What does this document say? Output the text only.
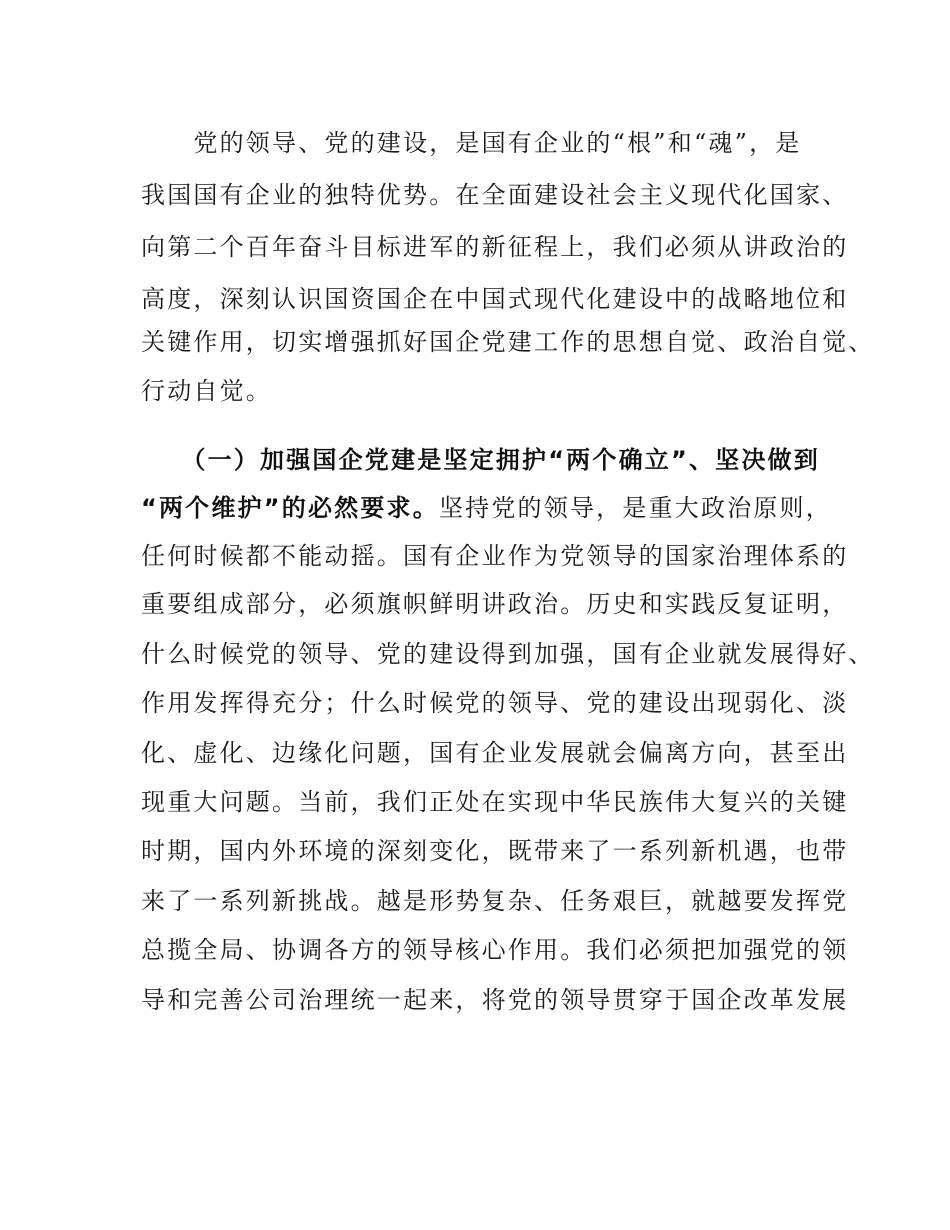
　　党的领导、党的建设，是国有企业的“根”和“魂”，是
我国国有企业的独特优势。在全面建设社会主义现代化国家、
向第二个百年奋斗目标进军的新征程上，我们必须从讲政治的
高度，深刻认识国资国企在中国式现代化建设中的战略地位和
关键作用，切实增强抓好国企党建工作的思想自觉、政治自觉、
行动自觉。
　　（一）加强国企党建是坚定拥护“两个确立”、坚决做到
“两个维护”的必然要求。坚持党的领导，是重大政治原则，
任何时候都不能动摇。国有企业作为党领导的国家治理体系的
重要组成部分，必须旗帜鲜明讲政治。历史和实践反复证明，
什么时候党的领导、党的建设得到加强，国有企业就发展得好、
作用发挥得充分；什么时候党的领导、党的建设出现弱化、淡
化、虚化、边缘化问题，国有企业发展就会偏离方向，甚至出
现重大问题。当前，我们正处在实现中华民族伟大复兴的关键
时期，国内外环境的深刻变化，既带来了一系列新机遇，也带
来了一系列新挑战。越是形势复杂、任务艰巨，就越要发挥党
总揽全局、协调各方的领导核心作用。我们必须把加强党的领
导和完善公司治理统一起来，将党的领导贯穿于国企改革发展
